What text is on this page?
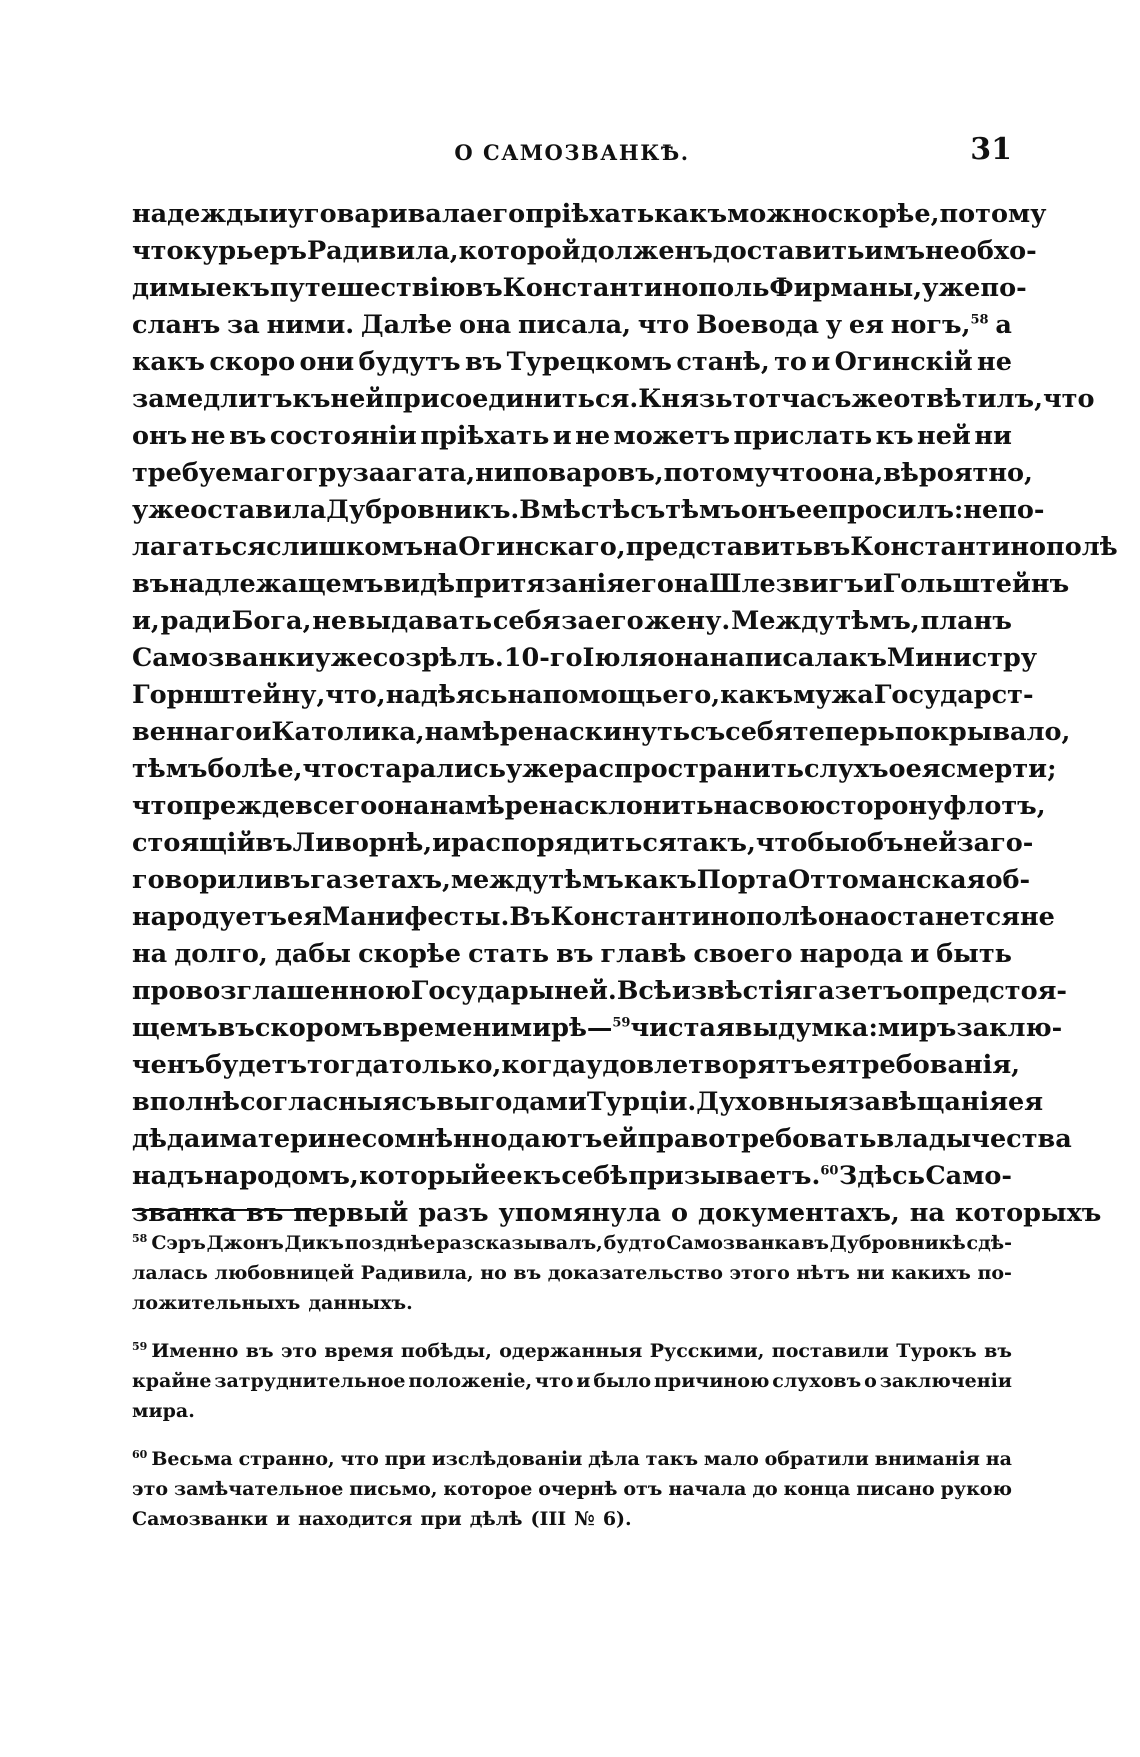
О САМОЗВАНКѢ.	31
надежды и уговаривала его пріѣхать какъ можно скорѣе, по тому
что курьеръ Радивила, которой долженъ доставить имъ необхо-
димые къ путешествію въ Константинополь Фирманы, уже по-
сланъ за ними. Далѣе она писала, что Воевода у ея ногъ,$^{58}$ а
какъ скоро они будутъ въ Турецкомъ станѣ, то и Огинскій не
замедлитъ къ ней присоединиться. Князь тотчасъ же отвѣтилъ, что
онъ не въ состояніи пріѣхать и не можетъ прислать къ ней ни
требуемаго груза агата, ни поваровъ, по тому что она, вѣроятно,
уже оставила Дубровникъ. Вмѣстѣ съ тѣмъ онъ ее просилъ: не по-
лагаться слишкомъ на Огинскаго, представить въ Константинополѣ
въ надлежащемъ видѣ притязанія его на Шлезвигъ и Гольштейнъ
и, ради Бога, не выдавать себя за его жену. Между тѣмъ, планъ
Самозванки уже созрѣлъ. 10-го Іюля она написала къ Министру
Горнштейну, что, надѣясь на помощь его, какъ мужа Государст-
веннаго и Католика, намѣрена скинуть съ себя теперь покрывало,
тѣмъ болѣе, что старались уже распространить слухъ о ея смерти;
что прежде всего она намѣрена склонить на свою сторону флотъ,
стоящій въ Ливорнѣ, и распорядиться такъ, чтобы объ ней заго-
говорили въ газетахъ, между тѣмъ какъ Порта Оттоманская об-
народуетъ ея Манифесты. Въ Константинополѣ она останется не
на долго, дабы скорѣе стать въ главѣ своего народа и быть
провозглашенною Государыней. Всѣ извѣстія газетъ о предстоя-
щемъ въ скоромъ времени мирѣ—$^{59}$ чистая выдумка: миръ заклю-
ченъ будетъ тогда только, когда удовлетворятъ ея требованія,
вполнѣ согласныя съ выгодами Турціи. Духовныя завѣщанія ея
дѣда и матери несомнѣнно даютъ ей право требовать владычества
надъ народомъ, который ее къ себѣ призываетъ.$^{60}$ Здѣсь Само-
званка въ первый разъ упомянула о документахъ, на которыхъ
$^{58}$ Сэръ Джонъ Дикъ позднѣе разсказывалъ, будто Самозванка въ Дубровникѣ сдѣ-
лалась любовницей Радивила, но въ доказательство этого нѣтъ ни какихъ по-
ложительныхъ данныхъ.
$^{59}$ Именно въ это время побѣды, одержанныя Русскими, поставили Турокъ въ
крайне затруднительное положеніе, что и было причиною слуховъ о заключеніи
мира.
$^{60}$ Весьма странно, что при изслѣдованіи дѣла такъ мало обратили вниманія на
это замѣчательное письмо, которое очернѣ отъ начала до конца писано рукою
Самозванки и находится при дѣлѣ (III № 6).
